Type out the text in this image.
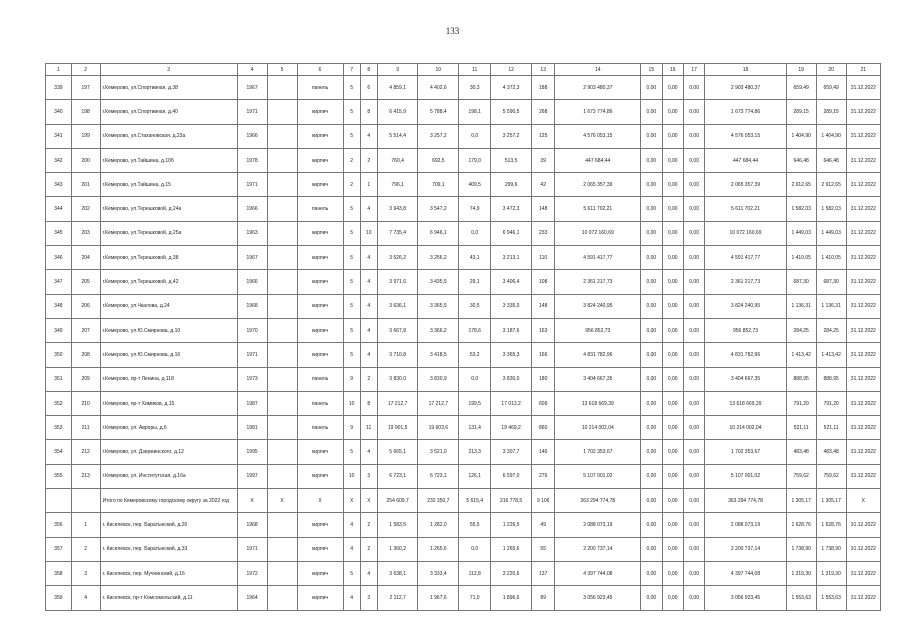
133
1	2	3	4	5	6	7	8	9	10	11	12	13	14	15	16	17	18	19	20	21
339	197	г.Кемерово, ул.Спортивная, д.38	1967		панель	5	6	4 859,1	4 402,6	30,3	4 372,3	188	2 903 480,37	0,00	0,00	0,00	2 903 480,37	659,49	659,49	31.12.2022
340	198	г.Кемерово, ул.Спортивная, д.40	1971		кирпич	5	8	6 415,9	5 788,4	198,1	5 590,5	268	1 673 774,86	0,00	0,00	0,00	1 673 774,86	289,15	289,15	31.12.2022
341	199	г.Кемерово, ул.Стахановская, д.23а	1966		кирпич	5	4	5 514,4	3 257,2	0,0	3 257,2	125	4 576 053,15	0,00	0,00	0,00	4 576 053,15	1 404,90	1 404,90	31.12.2022
342	200	г.Кемерово, ул.Тайшина, д.10б	1978		кирпич	2	2	760,4	692,5	179,0	513,5	39	447 684,44	0,00	0,00	0,00	447 684,44	646,48	646,48	31.12.2022
343	201	г.Кемерово, ул.Тайшина, д.15	1971		кирпич	2	1	796,1	709,1	409,5	299,6	42	2 065 357,39	0,00	0,00	0,00	2 065 357,39	2 912,65	2 912,65	31.12.2022
344	202	г.Кемерово, ул.Терешковой, д.24а	1966		панель	5	4	3 943,8	3 547,2	74,9	3 472,3	148	5 611 702,21	0,00	0,00	0,00	5 611 702,21	1 582,03	1 582,03	31.12.2022
345	203	г.Кемерово, ул.Терешковой, д.25а	1963		кирпич	5	10	7 735,4	6 946,1	0,0	6 946,1	233	10 072 160,69	0,00	0,00	0,00	10 072 160,69	1 449,03	1 449,03	31.12.2022
346	204	г.Кемерово, ул.Терешковой, д.38	1967		кирпич	5	4	3 526,2	3 256,2	43,1	3 213,1	110	4 591 417,77	0,00	0,00	0,00	4 591 417,77	1 410,05	1 410,05	31.12.2022
347	205	г.Кемерово, ул.Терешковой, д.42	1966		кирпич	5	4	3 971,6	3 435,5	29,1	3 406,4	108	2 361 217,73	0,00	0,00	0,00	2 361 217,73	687,30	687,30	31.12.2022
348	206	г.Кемерово, ул.Чкалова, д.24	1968		кирпич	5	4	3 636,1	3 365,5	30,5	3 335,0	148	3 824 240,95	0,00	0,00	0,00	3 824 240,95	1 136,31	1 136,31	31.12.2022
349	207	г.Кемерово, ул.Ю.Смирнова, д.10	1970		кирпич	5	4	3 667,8	3 366,2	178,6	3 187,6	163	956 852,73	0,00	0,00	0,00	956 852,73	284,25	284,25	31.12.2022
350	208	г.Кемерово, ул.Ю.Смирнова, д.16	1971		кирпич	5	4	3 710,8	3 418,5	53,2	3 365,3	166	4 831 782,96	0,00	0,00	0,00	4 831 782,96	1 413,42	1 413,42	31.12.2022
351	209	г.Кемерово, пр-т Ленина, д.118	1973		панель	9	2	3 830,0	3 830,9	0,0	3 830,0	180	3 404 667,35	0,00	0,00	0,00	3 404 667,35	888,95	888,95	31.12.2022
352	210	г.Кемерово, пр-т Химиков, д.15	1987		панель	10	8	17 212,7	17 212,7	199,5	17 013,2	609	13 618 669,39	0,00	0,00	0,00	13 618 669,39	791,20	791,20	31.12.2022
353	211	г.Кемерово, ул. Авроры, д.6	1981		панель	9	11	19 901,5	19 603,6	131,4	19 469,2	860	10 214 002,04	0,00	0,00	0,00	10 214 002,04	521,11	521,11	31.12.2022
354	212	г.Кемерово, ул. Дзержинского, д.12	1995		кирпич	5	4	5 665,1	3 521,0	213,3	3 307,7	146	1 702 353,67	0,00	0,00	0,00	1 702 353,67	483,48	483,48	31.12.2022
355	213	г.Кемерово, ул. Институтская, д.16а	1997		кирпич	10	3	6 723,1	6 723,1	126,1	6 597,0	276	5 107 001,02	0,00	0,00	0,00	5 107 001,02	759,62	759,62	31.12.2022
		Итого по Кемеровскому городскому округу за 2022 год	X	X	X	X	X	254 609,7	232 350,7	5 615,4	216 778,5	9 106	363 294 774,78	0,00	0,00	0,00	363 294 774,78	1 305,17	1 305,17	X
356	1	г. Киселевск, пер. Баратынский, д.20	1968		кирпич	4	2	1 583,5	1 282,0	55,5	1 226,5	49	2 088 073,19	0,00	0,00	0,00	2 088 073,19	1 628,76	1 628,76	31.12.2022
357	2	г. Киселевск, пер. Баратынский, д.33	1971		кирпич	4	2	1 360,2	1 265,6	0,0	1 265,6	55	2 200 737,14	0,00	0,00	0,00	2 200 737,14	1 738,90	1 738,90	31.12.2022
358	3	г. Киселевск, пер. Мучнинский, д.16	1972		кирпич	5	4	3 638,1	3 333,4	112,8	3 220,6	137	4 397 744,08	0,00	0,00	0,00	4 397 744,08	1 319,30	1 319,30	31.12.2022
359	4	г. Киселевск, пр-т Комсомольский, д.11	1964		кирпич	4	3	2 112,7	1 967,6	71,0	1 896,6	89	3 056 923,45	0,00	0,00	0,00	3 056 923,45	1 553,63	1 553,63	31.12.2022
